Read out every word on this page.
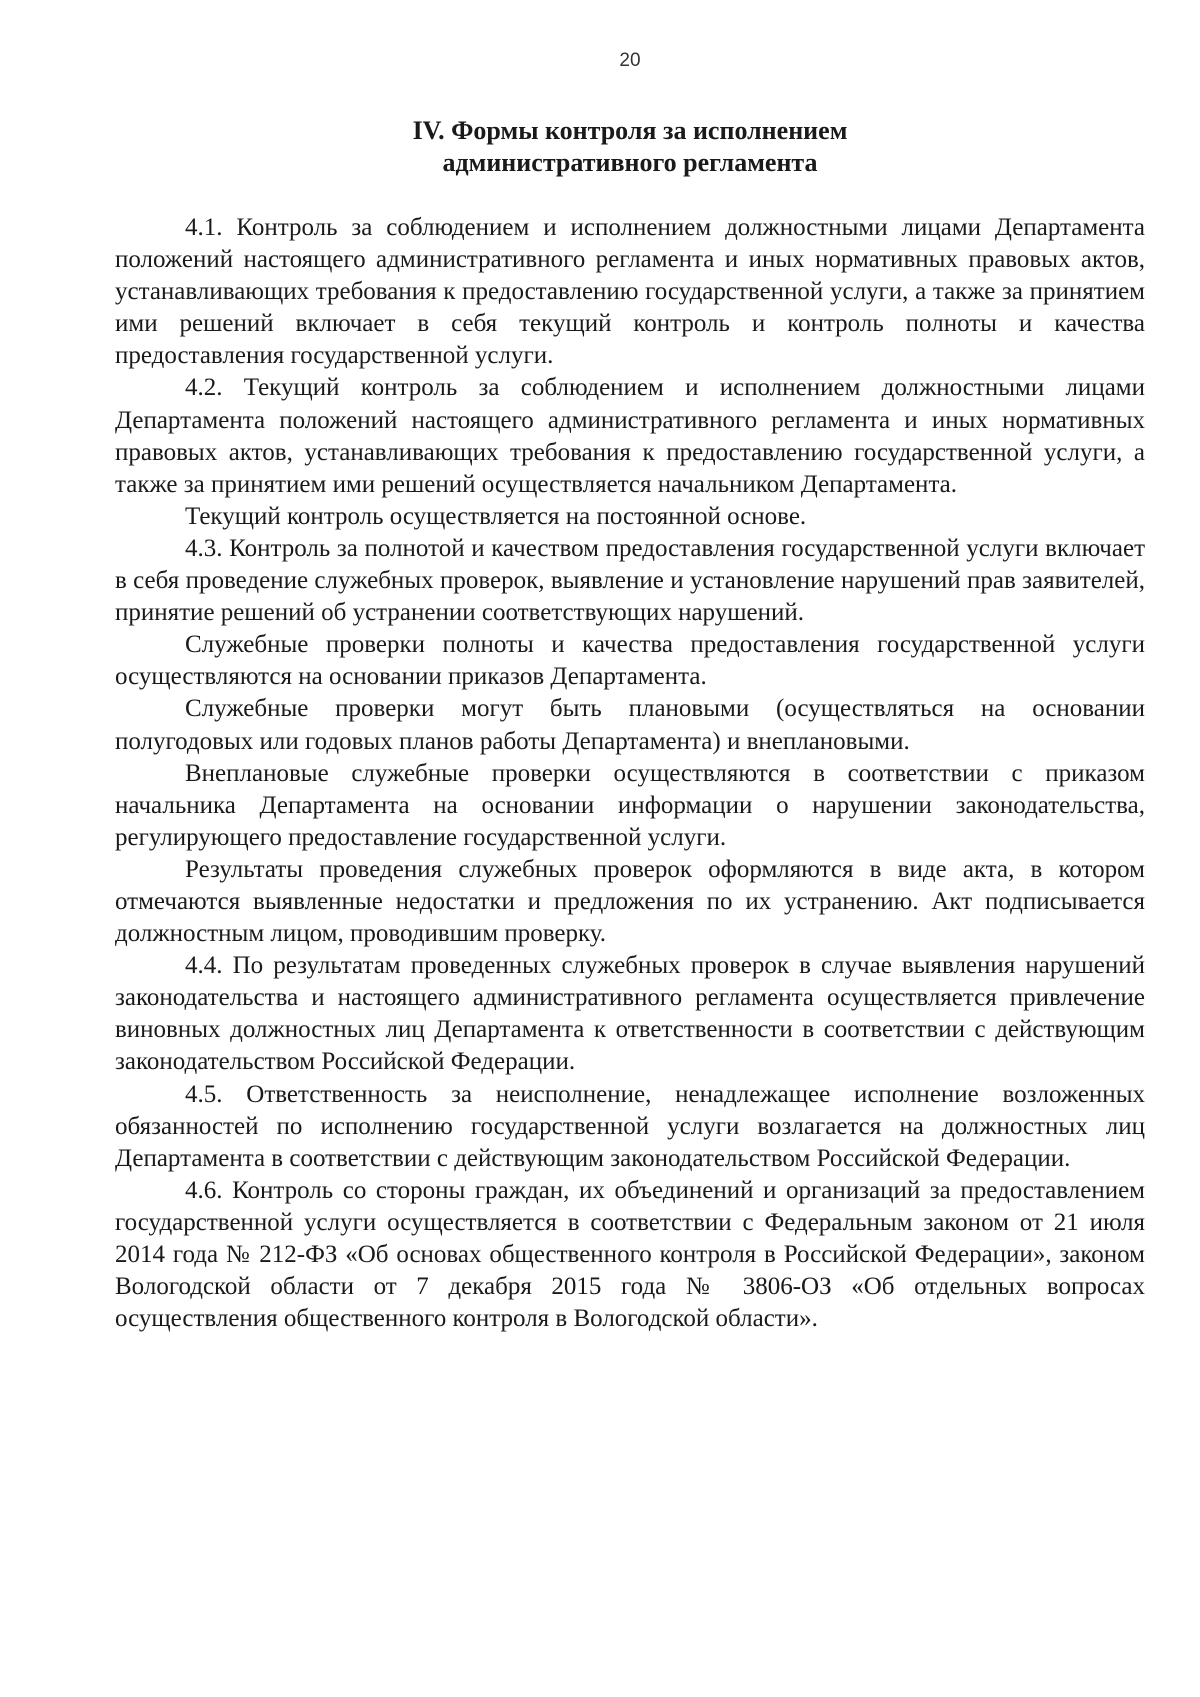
20
IV. Формы контроля за исполнением
административного регламента

4.1. Контроль за соблюдением и исполнением должностными лицами Департамента положений настоящего административного регламента и иных нормативных правовых актов, устанавливающих требования к предоставлению государственной услуги, а также за принятием ими решений включает в себя текущий контроль и контроль полноты и качества предоставления государственной услуги.

4.2. Текущий контроль за соблюдением и исполнением должностными лицами Департамента положений настоящего административного регламента и иных нормативных правовых актов, устанавливающих требования к предоставлению государственной услуги, а также за принятием ими решений осуществляется начальником Департамента.

Текущий контроль осуществляется на постоянной основе.

4.3. Контроль за полнотой и качеством предоставления государственной услуги включает в себя проведение служебных проверок, выявление и установление нарушений прав заявителей, принятие решений об устранении соответствующих нарушений.

Служебные проверки полноты и качества предоставления государственной услуги осуществляются на основании приказов Департамента.

Служебные проверки могут быть плановыми (осуществляться на основании полугодовых или годовых планов работы Департамента) и внеплановыми.

Внеплановые служебные проверки осуществляются в соответствии с приказом начальника Департамента на основании информации о нарушении законодательства, регулирующего предоставление государственной услуги.

Результаты проведения служебных проверок оформляются в виде акта, в котором отмечаются выявленные недостатки и предложения по их устранению. Акт подписывается должностным лицом, проводившим проверку.

4.4. По результатам проведенных служебных проверок в случае выявления нарушений законодательства и настоящего административного регламента осуществляется привлечение виновных должностных лиц Департамента к ответственности в соответствии с действующим законодательством Российской Федерации.

4.5. Ответственность за неисполнение, ненадлежащее исполнение возложенных обязанностей по исполнению государственной услуги возлагается на должностных лиц Департамента в соответствии с действующим законодательством Российской Федерации.

4.6. Контроль со стороны граждан, их объединений и организаций за предоставлением государственной услуги осуществляется в соответствии с Федеральным законом от 21 июля 2014 года № 212-ФЗ «Об основах общественного контроля в Российской Федерации», законом Вологодской области от 7 декабря 2015 года № 3806-ОЗ «Об отдельных вопросах осуществления общественного контроля в Вологодской области».
